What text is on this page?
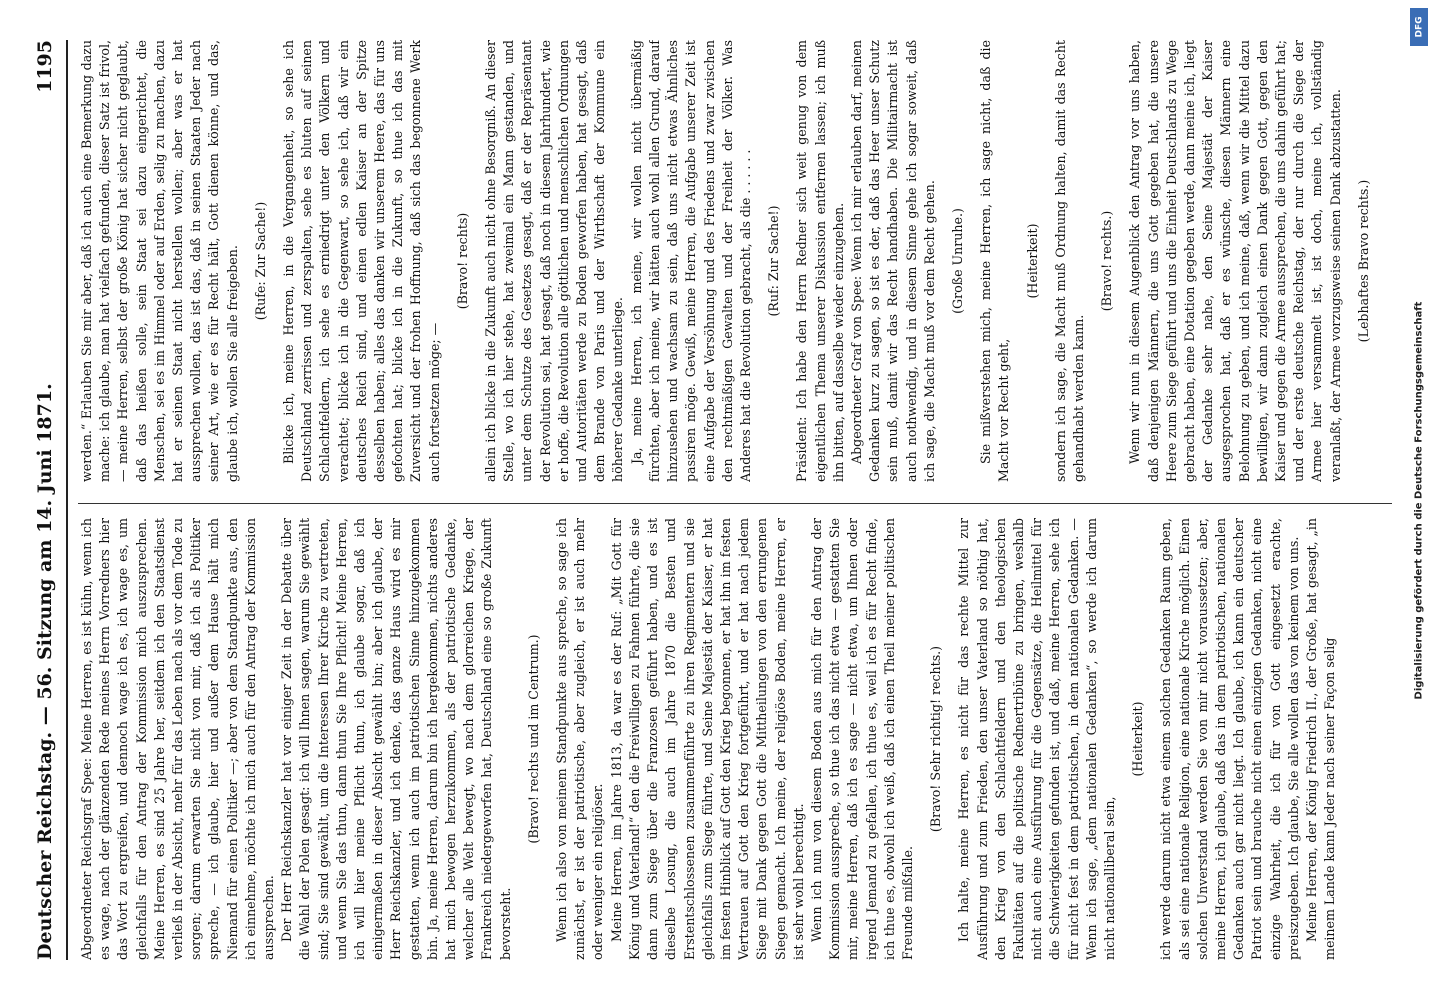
Deutscher Reichstag. — 56. Sitzung am 14. Juni 1871.
1195

Abgeordneter Reichsgraf Spee: Meine Herren, es ist kühn, wenn ich es wage, nach der glänzenden Rede meines Herrn Vorredners hier das Wort zu ergreifen, und dennoch wage ich es, ich wage es, um gleichfalls für den Antrag der Kommission mich auszusprechen. Meine Herren, es sind 25 Jahre her, seitdem ich den Staatsdienst verließ in der Absicht, mehr für das Leben nach als vor dem Tode zu sorgen; darum erwarten Sie nicht von mir, daß ich als Politiker spreche, — ich glaube, hier und außer dem Hause hält mich Niemand für einen Politiker —; aber von dem Standpunkte aus, den ich einnehme, möchte ich mich auch für den Antrag der Kommission aussprechen. Der Herr Reichskanzler hat vor einiger Zeit in der Debatte über die Wahl der Polen gesagt: ich will Ihnen sagen, warum Sie gewählt sind; Sie sind gewählt, um die Interessen Ihrer Kirche zu vertreten, und wenn Sie das thun, dann thun Sie Ihre Pflicht! Meine Herren, ich will hier meine Pflicht thun, ich glaube sogar, daß ich einigermaßen in dieser Absicht gewählt bin; aber ich glaube, der Herr Reichskanzler, und ich denke, das ganze Haus wird es mir gestatten, wenn ich auch im patriotischen Sinne hinzugekommen bin. Ja, meine Herren, darum bin ich hergekommen, nichts anderes hat mich bewogen herzukommen, als der patriotische Gedanke, welcher alle Welt bewegt, wo nach dem glorreichen Kriege, der Frankreich niedergeworfen hat, Deutschland eine so große Zukunft bevorsteht.

(Bravo! rechts und im Centrum.) Wenn ich also von meinem Standpunkte aus spreche, so sage ich zunächst, er ist der patriotische, aber zugleich, er ist auch mehr oder weniger ein religiöser. Meine Herren, im Jahre 1813, da war es der Ruf: „Mit Gott für König und Vaterland!“ den die Freiwilligen zu Fahnen führte, die sie dann zum Siege über die Franzosen geführt haben, und es ist dieselbe Losung, die auch im Jahre 1870 die Besten und Erstentschlossenen zusammenführte zu ihren Regimentern und sie gleichfalls zum Siege führte, und Seine Majestät der Kaiser, er hat im festen Hinblick auf Gott den Krieg begonnen, er hat ihn im festen Vertrauen auf Gott den Krieg fortgeführt, und er hat nach jedem Siege mit Dank gegen Gott die Mittheilungen von den errungenen Siegen gemacht. Ich meine, der religiöse Boden, meine Herren, er ist sehr wohl berechtigt. Wenn ich nun von diesem Boden aus mich für den Antrag der Kommission ausspreche, so thue ich das nicht etwa — gestatten Sie mir, meine Herren, daß ich es sage — nicht etwa, um Ihnen oder irgend Jemand zu gefallen, ich thue es, weil ich es für Recht finde, ich thue es, obwohl ich weiß, daß ich einen Theil meiner politischen Freunde mißfalle.

(Bravo! Sehr richtig! rechts.) Ich halte, meine Herren, es nicht für das rechte Mittel zur Ausführung und zum Frieden, den unser Vaterland so nöthig hat, den Krieg von den Schlachtfeldern und den theologischen Fakultäten auf die politische Rednertribüne zu bringen, weshalb nicht auch eine Ausführung für die Gegensätze, die Heilmittel für die Schwierigkeiten gefunden ist, und daß, meine Herren, sehe ich für nicht fest in dem patriotischen, in dem nationalen Gedanken. — Wenn ich sage, „dem nationalen Gedanken“, so werde ich darum nicht nationalliberal sein,

(Heiterkeit) ich werde darum nicht etwa einem solchen Gedanken Raum geben, als sei eine nationale Religion, eine nationale Kirche möglich. Einen solchen Unverstand werden Sie von mir nicht voraussetzen; aber, meine Herren, ich glaube, daß das in dem patriotischen, nationalen Gedanken auch gar nicht liegt. Ich glaube, ich kann ein deutscher Patriot sein und brauche nicht einen einzigen Gedanken, nicht eine einzige Wahrheit, die ich für von Gott eingesetzt erachte, preiszugeben. Ich glaube, Sie alle wollen das von keinem von uns. Meine Herren, der König Friedrich II., der Große, hat gesagt, „in meinem Lande kann Jeder nach seiner Façon selig

werden.“ Erlauben Sie mir aber, daß ich auch eine Bemerkung dazu mache: ich glaube, man hat vielfach gefunden, dieser Satz ist frivol, — meine Herren, selbst der große König hat sicher nicht geglaubt, daß das heißen solle, sein Staat sei dazu eingerichtet, die Menschen, sei es im Himmel oder auf Erden, selig zu machen, dazu hat er seinen Staat nicht herstellen wollen; aber was er hat aussprechen wollen, das ist das, daß in seinen Staaten Jeder nach seiner Art, wie er es für Recht hält, Gott dienen könne, und das, glaube ich, wollen Sie alle freigeben. (Rufe: Zur Sache!) Blicke ich, meine Herren, in die Vergangenheit, so sehe ich Deutschland zerrissen und zerspalten, sehe es bluten auf seinen Schlachtfeldern, ich sehe es erniedrigt unter den Völkern und verachtet; blicke ich in die Gegenwart, so sehe ich, daß wir ein deutsches Reich sind, und einen edlen Kaiser an der Spitze desselben haben; alles das danken wir unserem Heere, das für uns gefochten hat; blicke ich in die Zukunft, so thue ich das mit Zuversicht und der frohen Hoffnung, daß sich das begonnene Werk auch fortsetzen möge; —

(Bravo! rechts) allein ich blicke in die Zukunft auch nicht ohne Besorgniß. An dieser Stelle, wo ich hier stehe, hat zweimal ein Mann gestanden, und unter dem Schutze des Gesetzes gesagt, daß er der Repräsentant der Revolution sei, hat gesagt, daß noch in diesem Jahrhundert, wie er hoffe, die Revolution alle göttlichen und menschlichen Ordnungen und Autoritäten werde zu Boden geworfen haben, hat gesagt, daß dem Brande von Paris und der Wirthschaft der Kommune ein höherer Gedanke unterliege. Ja, meine Herren, ich meine, wir wollen nicht übermäßig fürchten, aber ich meine, wir hätten auch wohl allen Grund, darauf hinzusehen und wachsam zu sein, daß uns nicht etwas Ähnliches passiren möge. Gewiß, meine Herren, die Aufgabe unserer Zeit ist eine Aufgabe der Versöhnung und des Friedens und zwar zwischen den rechtmäßigen Gewalten und der Freiheit der Völker. Was Anderes hat die Revolution gebracht, als die . . . . . . (Ruf: Zur Sache!) Präsident: Ich habe den Herrn Redner sich weit genug von dem eigentlichen Thema unserer Diskussion entfernen lassen; ich muß ihn bitten, auf dasselbe wieder einzugehen. Abgeordneter Graf von Spee: Wenn ich mir erlauben darf, meinen Gedanken kurz zu sagen, so ist es der, daß das Heer unser Schutz sein muß, damit wir das Recht handhaben. Die Militairmacht ist auch nothwendig, und in diesem Sinne gehe ich sogar soweit, daß ich sage, die Macht muß vor dem Recht gehen. (Große Unruhe.) Sie mißverstehen mich, meine Herren, ich sage nicht, daß die Macht vor Recht geht,

(Heiterkeit) sondern ich sage, die Macht muß Ordnung halten, damit das Recht gehandhabt werden kann.

(Bravo! rechts.) Wenn wir nun in diesem Augenblick den Antrag vor uns haben, daß denjenigen Männern, die uns Gott gegeben hat, die unsere Heere zum Siege geführt und uns die Einheit Deutschlands zu Wege gebracht haben, eine Dotation gegeben werde, dann meine ich, liegt der Gedanke sehr nahe, den Seine Majestät der Kaiser ausgesprochen hat, daß er es wünsche, diesen Männern eine Belohnung zu geben, und ich meine, daß, wenn wir die Mittel dazu bewilligen, wir dann zugleich einen Dank gegen Gott, gegen den Kaiser und gegen die Armee aussprechen, die uns dahin geführt hat; und der erste deutsche Reichstag, der nur durch die Siege der Armee hier versammelt ist, ist doch, meine ich, vollständig veranlaßt, der Armee vorzugsweise seinen Dank abzustatten. (Lebhaftes Bravo rechts.)

DFG
Digitalisierung gefördert durch die Deutsche Forschungsgemeinschaft
